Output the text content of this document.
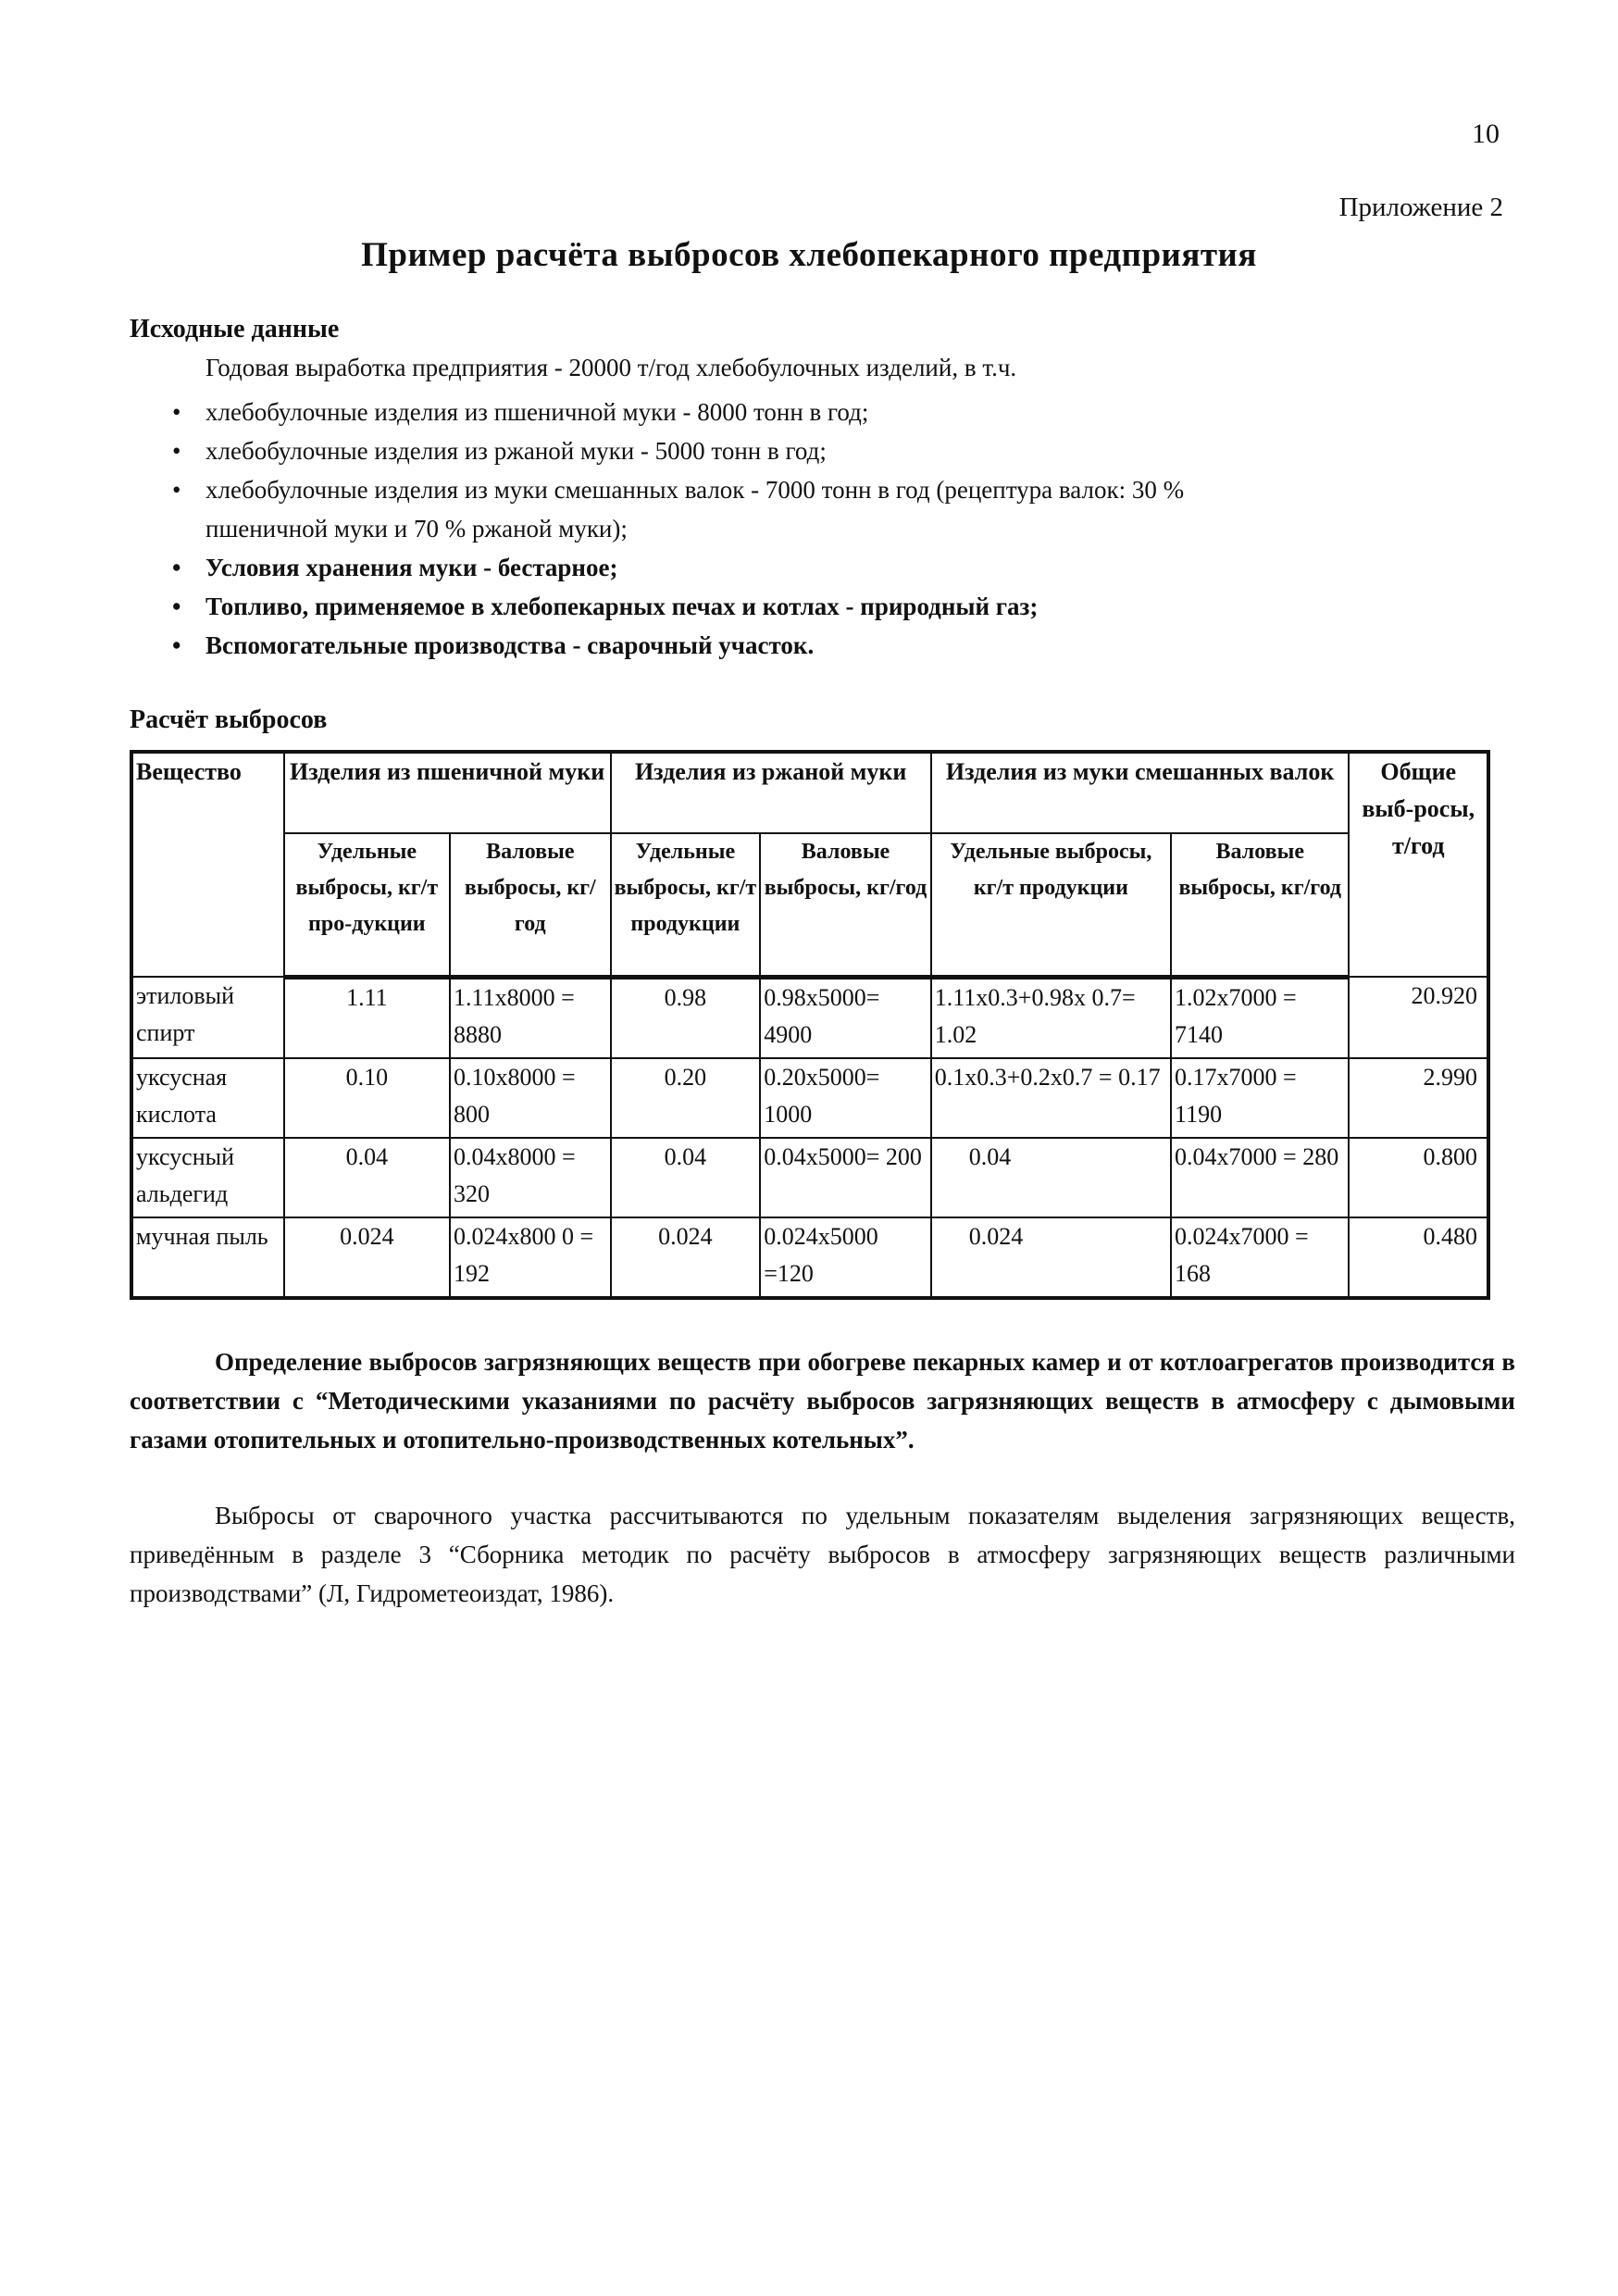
10
Приложение 2
Пример расчёта выбросов хлебопекарного предприятия
Исходные данные
Годовая выработка предприятия - 20000 т/год хлебобулочных изделий, в т.ч.
• хлебобулочные изделия из пшеничной муки - 8000 тонн в год;
• хлебобулочные изделия из ржаной муки - 5000 тонн в год;
• хлебобулочные изделия из муки смешанных валок - 7000 тонн в год (рецептура валок: 30 % пшеничной муки и 70 % ржаной муки);
• Условия хранения муки - бестарное;
• Топливо, применяемое в хлебопекарных печах и котлах - природный газ;
• Вспомогательные производства - сварочный участок.
Расчёт выбросов
Вещество	Изделия из пшеничной муки		Изделия из ржаной муки		Изделия из муки смешанных валок		Общие выб-росы, т/год
	Удельные выбросы, кг/т про-дукции	Валовые выбросы, кг/год	Удельные выбросы, кг/т продукции	Валовые выбросы, кг/год	Удельные выбросы, кг/т продукции	Валовые выбросы, кг/год	
этиловый спирт	1.11	1.11x8000 = 8880	0.98	0.98x5000= 4900	1.11x0.3+0.98x 0.7= 1.02	1.02x7000 = 7140	20.920
уксусная кислота	0.10	0.10x8000 = 800	0.20	0.20x5000= 1000	0.1x0.3+0.2x0.7 = 0.17	0.17x7000 = 1190	2.990
уксусный альдегид	0.04	0.04x8000 = 320	0.04	0.04x5000= 200	0.04	0.04x7000 = 280	0.800
мучная пыль	0.024	0.024x800 0 = 192	0.024	0.024x5000 =120	0.024	0.024x7000 = 168	0.480
Определение выбросов загрязняющих веществ при обогреве пекарных камер и от котлоагрегатов производится в соответствии с “Методическими указаниями по расчёту выбросов загрязняющих веществ в атмосферу с дымовыми газами отопительных и отопительно-производственных котельных”.
Выбросы от сварочного участка рассчитываются по удельным показателям выделения загрязняющих веществ, приведённым в разделе 3 “Сборника методик по расчёту выбросов в атмосферу загрязняющих веществ различными производствами” (Л, Гидрометеоиздат, 1986).
